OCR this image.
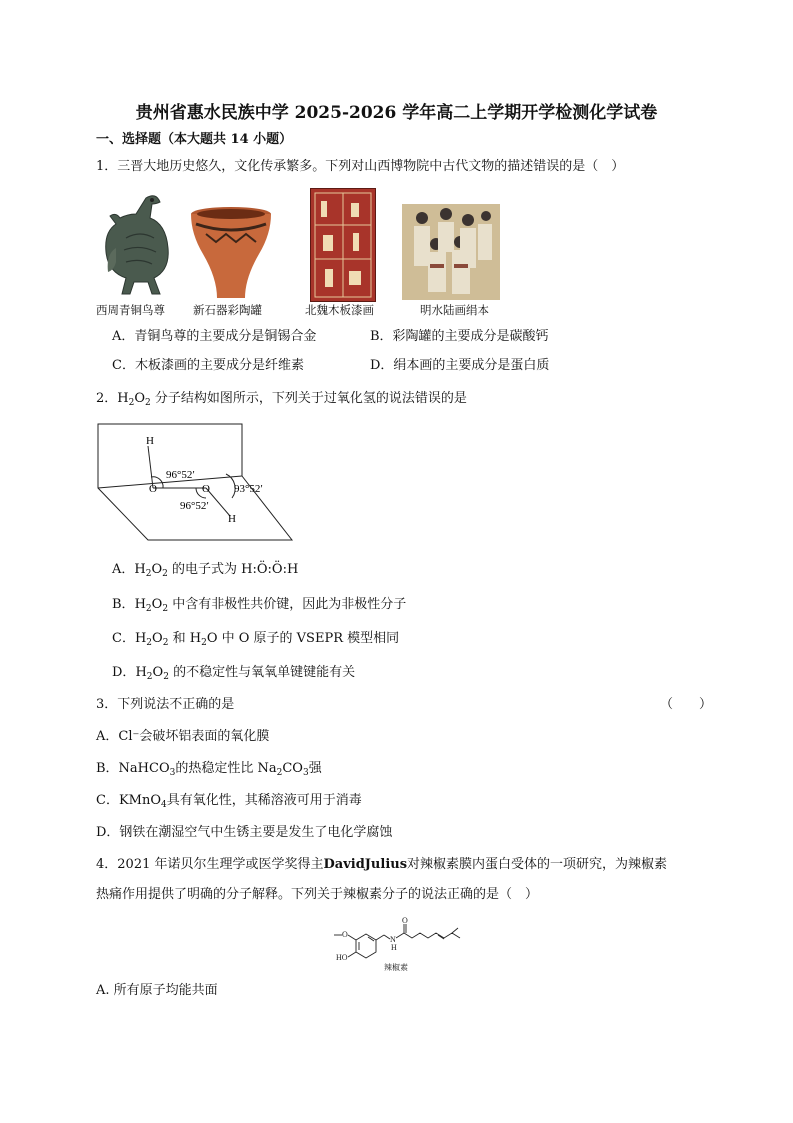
贵州省惠水民族中学 2025-2026 学年高二上学期开学检测化学试卷
一、选择题（本大题共 14 小题）
1．三晋大地历史悠久，文化传承繁多。下列对山西博物院中古代文物的描述错误的是（　）
西周青铜鸟尊 新石器彩陶罐	北魏木板漆画	明水陆画绢本
A．青铜鸟尊的主要成分是铜锡合金	B．彩陶罐的主要成分是碳酸钙
C．木板漆画的主要成分是纤维素	D．绢本画的主要成分是蛋白质
2．$H_2O_2$ 分子结构如图所示，下列关于过氧化氢的说法错误的是
H
O	O
H
96°52′
93°52′
96°52′
A．$H_2O_2$ 的电子式为 H:Ö:Ö:H
B．$H_2O_2$ 中含有非极性共价键，因此为非极性分子
C．$H_2O_2$ 和 $H_2O$ 中 O 原子的 VSEPR 模型相同
D．$H_2O_2$ 的不稳定性与氧氧单键键能有关
3．下列说法不正确的是	（　　）
A．Cl⁻会破坏铝表面的氧化膜
B．NaHCO$_3$的热稳定性比 $Na_2CO_3$强
C．KMnO$_4$具有氧化性，其稀溶液可用于消毒
D．钢铁在潮湿空气中生锈主要是发生了电化学腐蚀
4．2021 年诺贝尔生理学或医学奖得主DavidJulius对辣椒素膜内蛋白受体的一项研究，为辣椒素
热痛作用提供了明确的分子解释。下列关于辣椒素分子的说法正确的是（　）
O
O
N
H
HO
辣椒素
A. 所有原子均能共面
